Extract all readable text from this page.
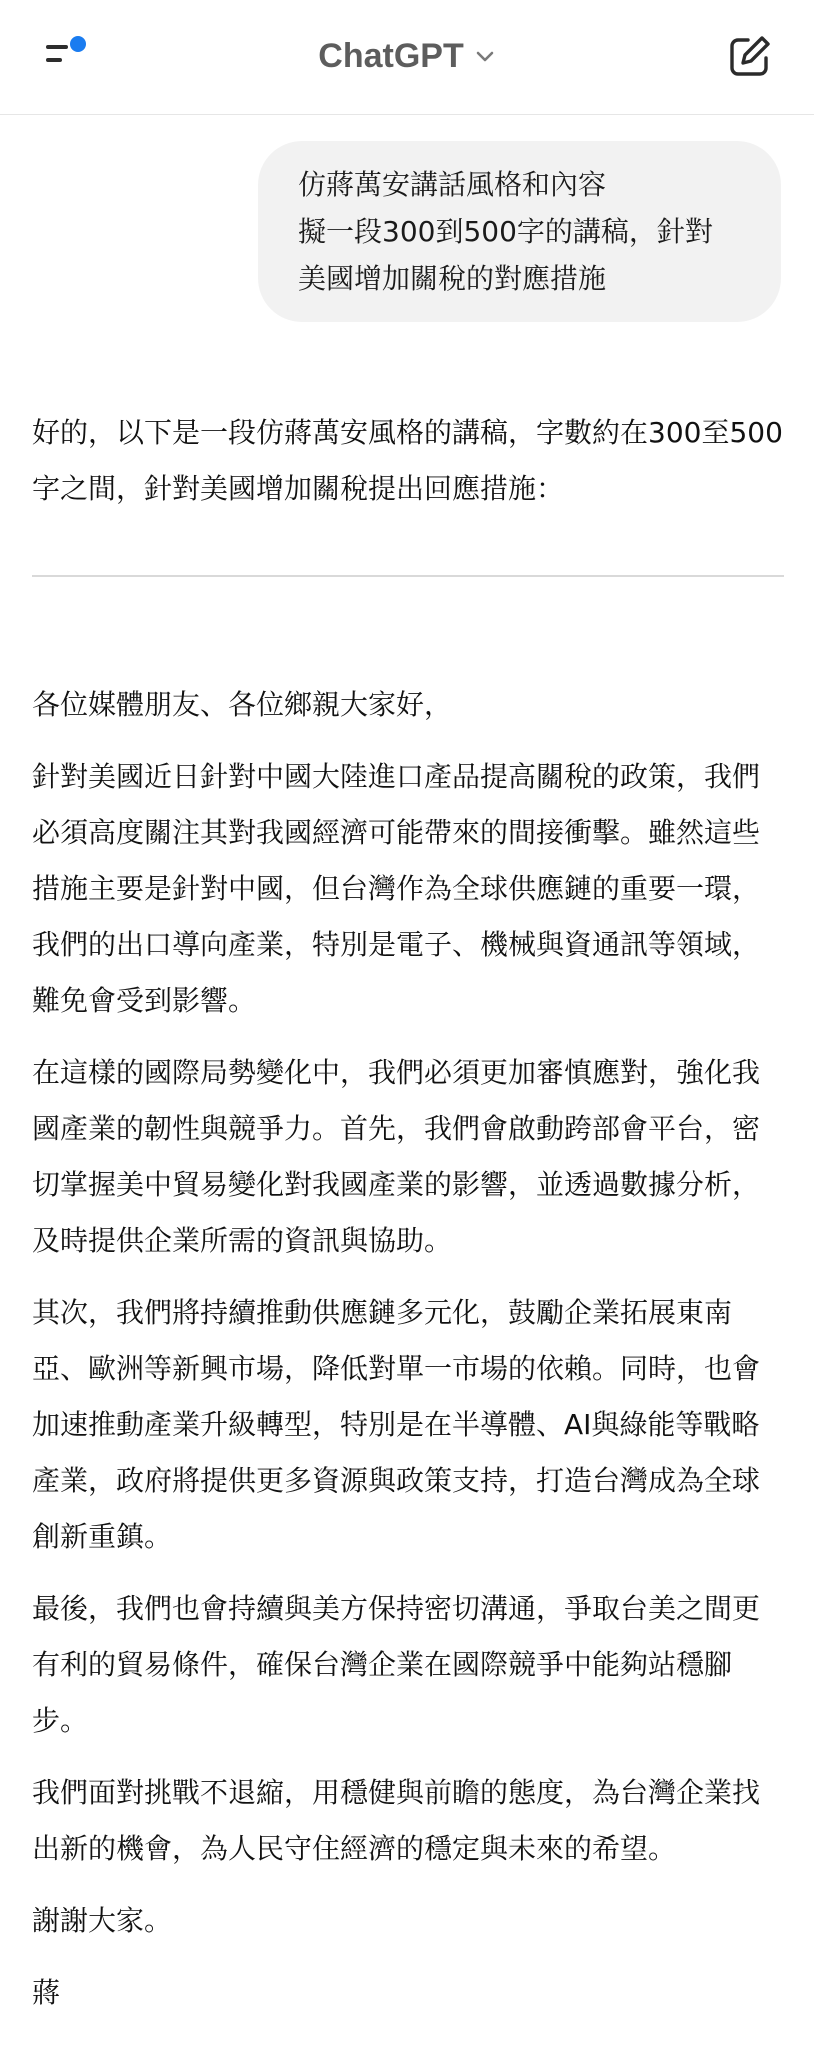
ChatGPT
仿蔣萬安講話風格和內容
擬一段300到500字的講稿，針對
美國增加關稅的對應措施

好的，以下是一段仿蔣萬安風格的講稿，字數約在300至500字之間，針對美國增加關稅提出回應措施：

各位媒體朋友、各位鄉親大家好，

針對美國近日針對中國大陸進口產品提高關稅的政策，我們必須高度關注其對我國經濟可能帶來的間接衝擊。雖然這些措施主要是針對中國，但台灣作為全球供應鏈的重要一環，我們的出口導向產業，特別是電子、機械與資通訊等領域，難免會受到影響。

在這樣的國際局勢變化中，我們必須更加審慎應對，強化我國產業的韌性與競爭力。首先，我們會啟動跨部會平台，密切掌握美中貿易變化對我國產業的影響，並透過數據分析，及時提供企業所需的資訊與協助。

其次，我們將持續推動供應鏈多元化，鼓勵企業拓展東南亞、歐洲等新興市場，降低對單一市場的依賴。同時，也會加速推動產業升級轉型，特別是在半導體、AI與綠能等戰略產業，政府將提供更多資源與政策支持，打造台灣成為全球創新重鎮。

最後，我們也會持續與美方保持密切溝通，爭取台美之間更有利的貿易條件，確保台灣企業在國際競爭中能夠站穩腳步。

我們面對挑戰不退縮，用穩健與前瞻的態度，為台灣企業找出新的機會，為人民守住經濟的穩定與未來的希望。

謝謝大家。

蔣
